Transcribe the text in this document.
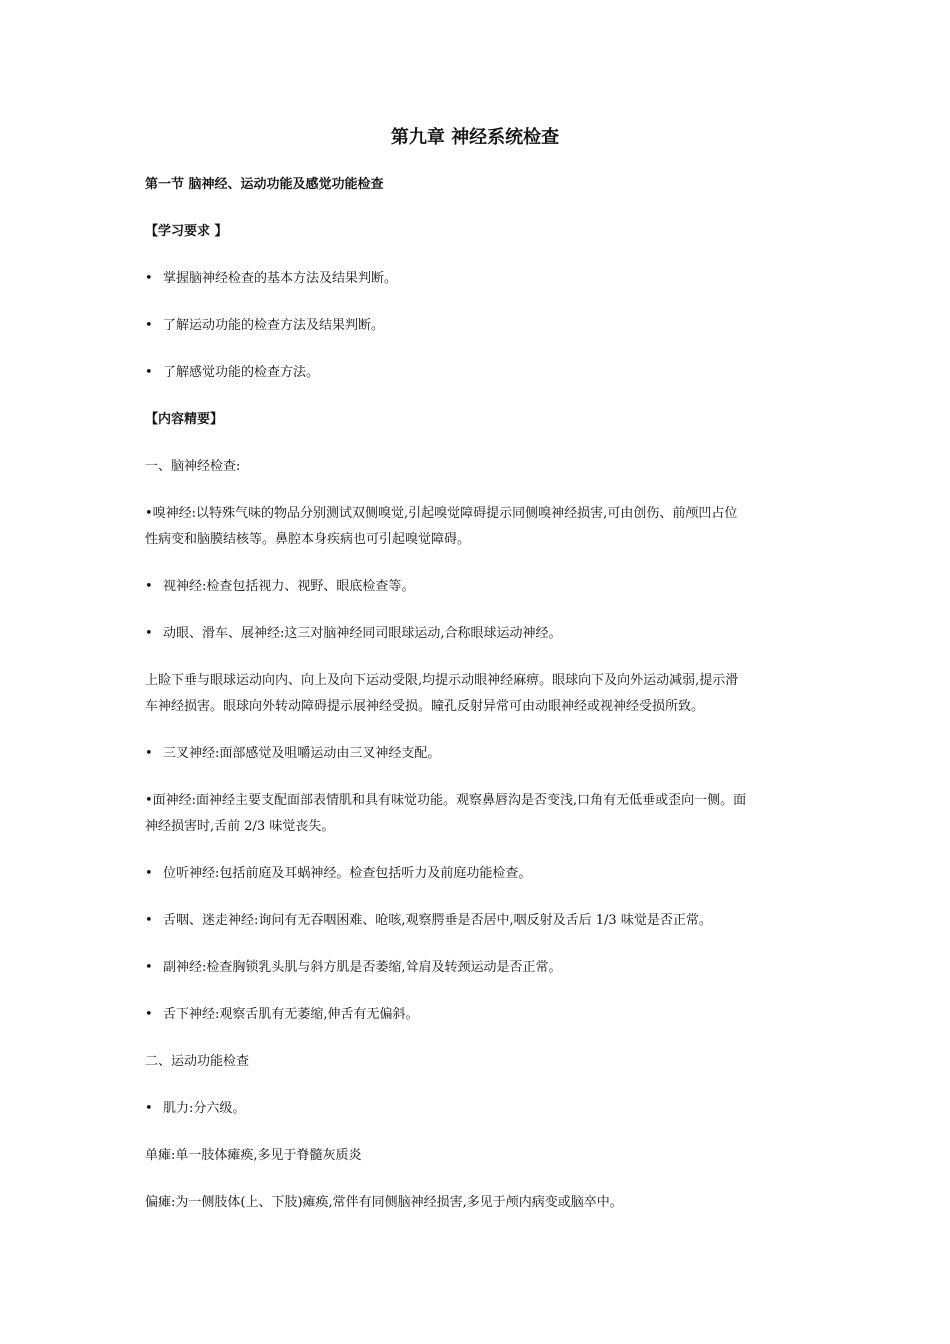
第九章 神经系统检查
第一节 脑神经、运动功能及感觉功能检查
【学习要求 】
• 掌握脑神经检查的基本方法及结果判断。
• 了解运动功能的检查方法及结果判断。
• 了解感觉功能的检查方法。
【内容精要】
一、脑神经检查:
•嗅神经:以特殊气味的物品分别测试双侧嗅觉,引起嗅觉障碍提示同侧嗅神经损害,可由创伤、前颅凹占位
性病变和脑膜结核等。鼻腔本身疾病也可引起嗅觉障碍。
• 视神经:检查包括视力、视野、眼底检查等。
• 动眼、滑车、展神经:这三对脑神经同司眼球运动,合称眼球运动神经。
上睑下垂与眼球运动向内、向上及向下运动受限,均提示动眼神经麻痹。眼球向下及向外运动减弱,提示滑
车神经损害。眼球向外转动障碍提示展神经受损。瞳孔反射异常可由动眼神经或视神经受损所致。
• 三叉神经:面部感觉及咀嚼运动由三叉神经支配。
•面神经:面神经主要支配面部表情肌和具有味觉功能。观察鼻唇沟是否变浅,口角有无低垂或歪向一侧。面
神经损害时,舌前 2/3 味觉丧失。
• 位听神经:包括前庭及耳蜗神经。检查包括听力及前庭功能检查。
• 舌咽、迷走神经:询问有无吞咽困难、呛咳,观察腭垂是否居中,咽反射及舌后 1/3 味觉是否正常。
• 副神经:检查胸锁乳头肌与斜方肌是否萎缩,耸肩及转颈运动是否正常。
• 舌下神经:观察舌肌有无萎缩,伸舌有无偏斜。
二、运动功能检查
• 肌力:分六级。
单瘫:单一肢体瘫痪,多见于脊髓灰质炎
偏瘫:为一侧肢体(上、下肢)瘫痪,常伴有同侧脑神经损害,多见于颅内病变或脑卒中。
